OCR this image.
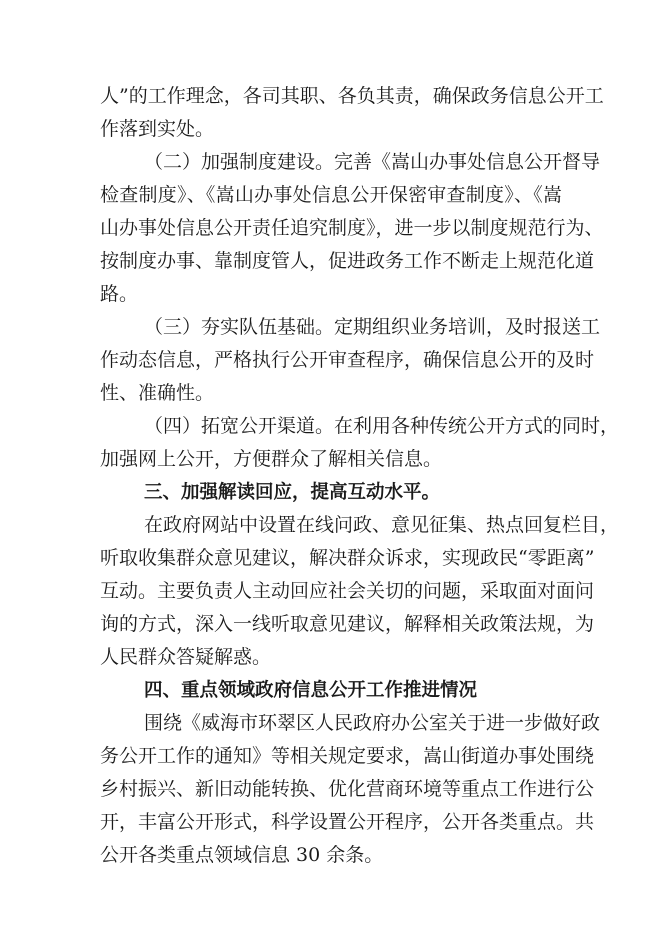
人”的工作理念，各司其职、各负其责，确保政务信息公开工
作落到实处。
（二）加强制度建设。完善《嵩山办事处信息公开督导
检查制度》、《嵩山办事处信息公开保密审查制度》、《嵩
山办事处信息公开责任追究制度》，进一步以制度规范行为、
按制度办事、靠制度管人，促进政务工作不断走上规范化道
路。
（三）夯实队伍基础。定期组织业务培训，及时报送工
作动态信息，严格执行公开审查程序，确保信息公开的及时
性、准确性。
（四）拓宽公开渠道。在利用各种传统公开方式的同时，
加强网上公开，方便群众了解相关信息。
三、加强解读回应，提高互动水平。
在政府网站中设置在线问政、意见征集、热点回复栏目，
听取收集群众意见建议，解决群众诉求，实现政民“零距离”
互动。主要负责人主动回应社会关切的问题，采取面对面问
询的方式，深入一线听取意见建议，解释相关政策法规，为
人民群众答疑解惑。
四、重点领域政府信息公开工作推进情况
围绕《威海市环翠区人民政府办公室关于进一步做好政
务公开工作的通知》等相关规定要求，嵩山街道办事处围绕
乡村振兴、新旧动能转换、优化营商环境等重点工作进行公
开，丰富公开形式，科学设置公开程序，公开各类重点。共
公开各类重点领域信息 30 余条。
